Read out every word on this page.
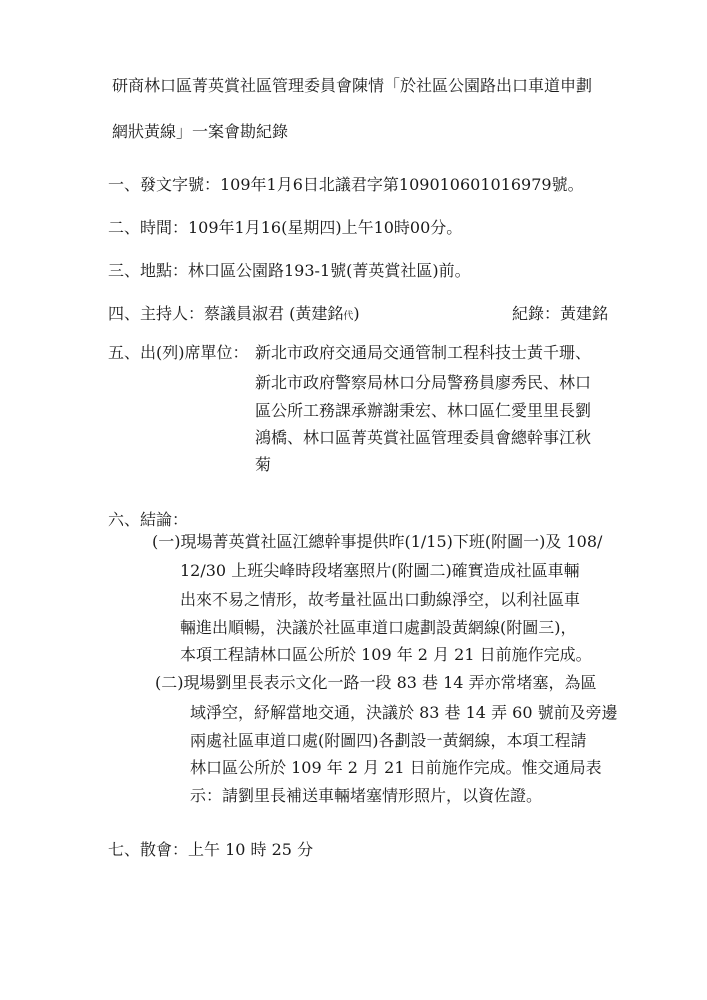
研商林口區菁英賞社區管理委員會陳情「於社區公園路出口車道申劃
網狀黃線」一案會勘紀錄
一、發文字號：109年1月6日北議君字第109010601016979號。
二、時間：109年1月16(星期四)上午10時00分。
三、地點：林口區公園路193-1號(菁英賞社區)前。
四、主持人：蔡議員淑君 (黃建銘代)	紀錄：黃建銘
五、出(列)席單位： 新北市政府交通局交通管制工程科技士黃千珊、
新北市政府警察局林口分局警務員廖秀民、林口
區公所工務課承辦謝秉宏、林口區仁愛里里長劉
鴻橋、林口區菁英賞社區管理委員會總幹事江秋
菊
六、結論：
(一)現場菁英賞社區江總幹事提供昨(1/15)下班(附圖一)及 108/
12/30 上班尖峰時段堵塞照片(附圖二)確實造成社區車輛
出來不易之情形，故考量社區出口動線淨空，以利社區車
輛進出順暢，決議於社區車道口處劃設黃網線(附圖三)，
本項工程請林口區公所於 109 年 2 月 21 日前施作完成。
(二)現場劉里長表示文化一路一段 83 巷 14 弄亦常堵塞，為區
域淨空，紓解當地交通，決議於 83 巷 14 弄 60 號前及旁邊
兩處社區車道口處(附圖四)各劃設一黃網線，本項工程請
林口區公所於 109 年 2 月 21 日前施作完成。惟交通局表
示：請劉里長補送車輛堵塞情形照片，以資佐證。
七、散會：上午 10 時 25 分
